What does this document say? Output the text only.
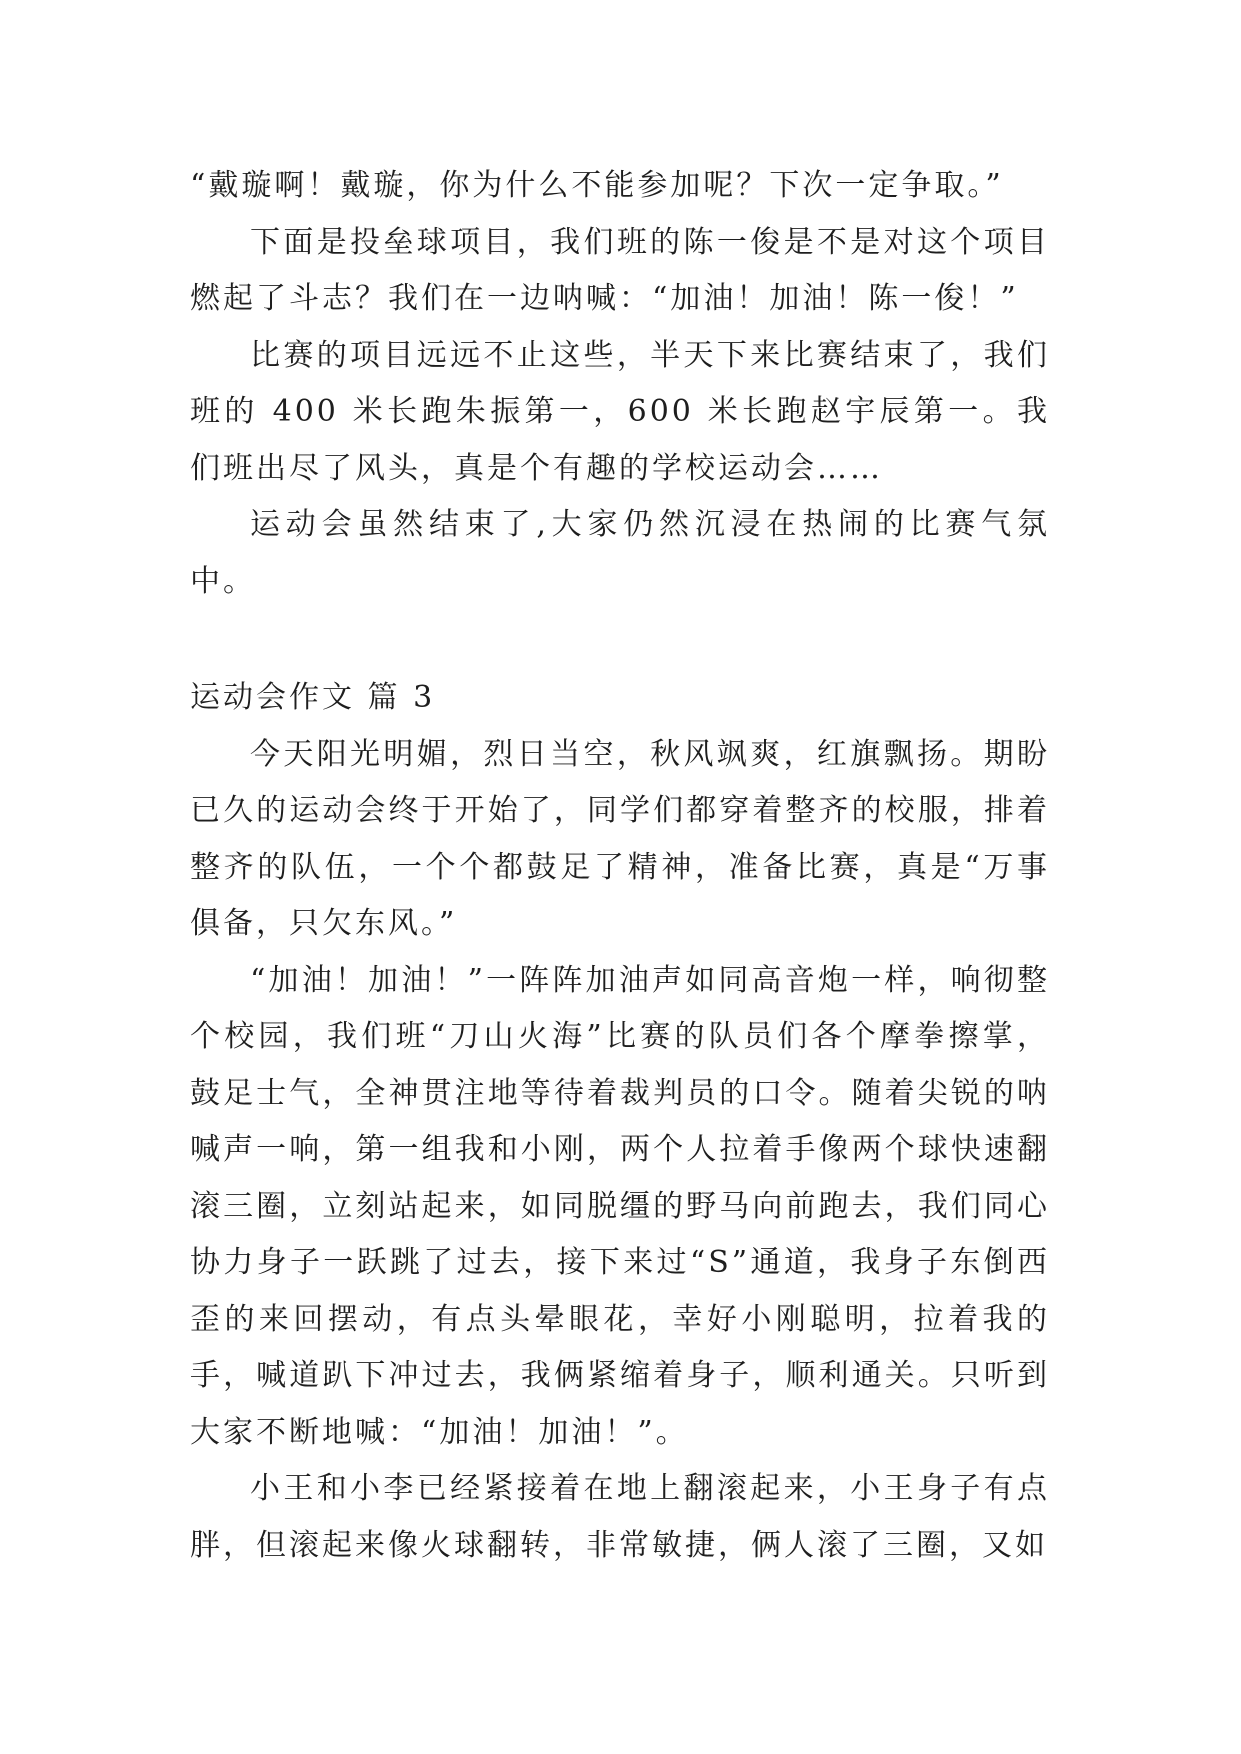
“戴璇啊！戴璇，你为什么不能参加呢？下次一定争取。”

下面是投垒球项目，我们班的陈一俊是不是对这个项目燃起了斗志？我们在一边呐喊：“加油！加油！陈一俊！”

比赛的项目远远不止这些，半天下来比赛结束了，我们班的 400 米长跑朱振第一，600 米长跑赵宇辰第一。我们班出尽了风头，真是个有趣的学校运动会……

运动会虽然结束了,大家仍然沉浸在热闹的比赛气氛中。

运动会作文 篇 3

今天阳光明媚，烈日当空，秋风飒爽，红旗飘扬。期盼已久的运动会终于开始了，同学们都穿着整齐的校服，排着整齐的队伍，一个个都鼓足了精神，准备比赛，真是“万事俱备，只欠东风。”

“加油！加油！”一阵阵加油声如同高音炮一样，响彻整个校园，我们班“刀山火海”比赛的队员们各个摩拳擦掌，鼓足士气，全神贯注地等待着裁判员的口令。随着尖锐的呐喊声一响，第一组我和小刚，两个人拉着手像两个球快速翻滚三圈，立刻站起来，如同脱缰的野马向前跑去，我们同心协力身子一跃跳了过去，接下来过“S”通道，我身子东倒西歪的来回摆动，有点头晕眼花，幸好小刚聪明，拉着我的手，喊道趴下冲过去，我俩紧缩着身子，顺利通关。只听到大家不断地喊：“加油！加油！”。

小王和小李已经紧接着在地上翻滚起来，小王身子有点胖，但滚起来像火球翻转，非常敏捷，俩人滚了三圈，又如
